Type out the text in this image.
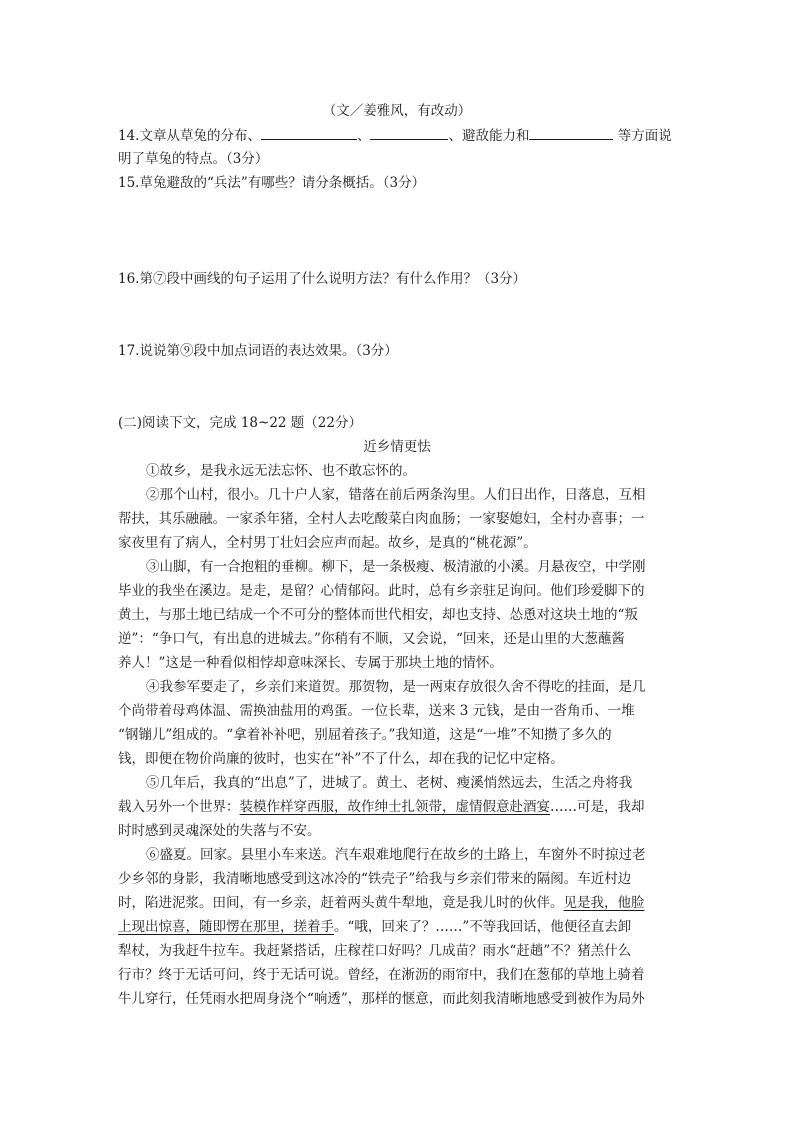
（文／姜雅风，有改动）
14.文章从草兔的分布、	、	、避敌能力和	等方面说
明了草兔的特点。（3分）
15.草兔避敌的“兵法”有哪些？请分条概括。（3分）
16.第⑦段中画线的句子运用了什么说明方法？有什么作用？（3分）
17.说说第⑨段中加点词语的表达效果。（3分）
(二)阅读下文，完成 18~22 题（22分）
近乡情更怯
①故乡，是我永远无法忘怀、也不敢忘怀的。
②那个山村，很小。几十户人家，错落在前后两条沟里。人们日出作，日落息，互相
帮扶，其乐融融。一家杀年猪，全村人去吃酸菜白肉血肠；一家娶媳妇，全村办喜事；一
家夜里有了病人，全村男丁壮妇会应声而起。故乡，是真的“桃花源”。
③山脚，有一合抱粗的垂柳。柳下，是一条极瘦、极清澈的小溪。月悬夜空，中学刚
毕业的我坐在溪边。是走，是留？心情郁闷。此时，总有乡亲驻足询问。他们珍爱脚下的
黄土，与那土地已结成一个不可分的整体而世代相安，却也支持、怂恿对这块土地的“叛
逆”：“争口气，有出息的进城去。”你稍有不顺，又会说，“回来，还是山里的大葱蘸酱
养人！”这是一种看似相悖却意味深长、专属于那块土地的情怀。
④我参军要走了，乡亲们来道贺。那贺物，是一两束存放很久舍不得吃的挂面，是几
个尚带着母鸡体温、需换油盐用的鸡蛋。一位长辈，送来 3 元钱，是由一沓角币、一堆
“钢镚儿”组成的。“拿着补补吧，别屈着孩子。”我知道，这是“一堆”不知攒了多久的
钱，即便在物价尚廉的彼时，也实在“补”不了什么，却在我的记忆中定格。
⑤几年后，我真的“出息”了，进城了。黄土、老树、瘦溪悄然远去，生活之舟将我
载入另外一个世界：装模作样穿西服，故作绅士扎领带，虚情假意赴酒宴……可是，我却
时时感到灵魂深处的失落与不安。
⑥盛夏。回家。县里小车来送。汽车艰难地爬行在故乡的土路上，车窗外不时掠过老
少乡邻的身影，我清晰地感受到这冰冷的“铁壳子”给我与乡亲们带来的隔阂。车近村边
时，陷进泥浆。田间，有一乡亲，赶着两头黄牛犁地，竟是我儿时的伙伴。见是我，他脸
上现出惊喜，随即愣在那里，搓着手。“哦，回来了？……”不等我回话，他便径直去卸
犁杖，为我赶牛拉车。我赶紧搭话，庄稼茬口好吗？几成苗？雨水“赶趟”不？猪羔什么
行市？终于无话可问，终于无话可说。曾经，在淅沥的雨帘中，我们在葱郁的草地上骑着
牛儿穿行，任凭雨水把周身浇个“响透”，那样的惬意，而此刻我清晰地感受到被作为局外
